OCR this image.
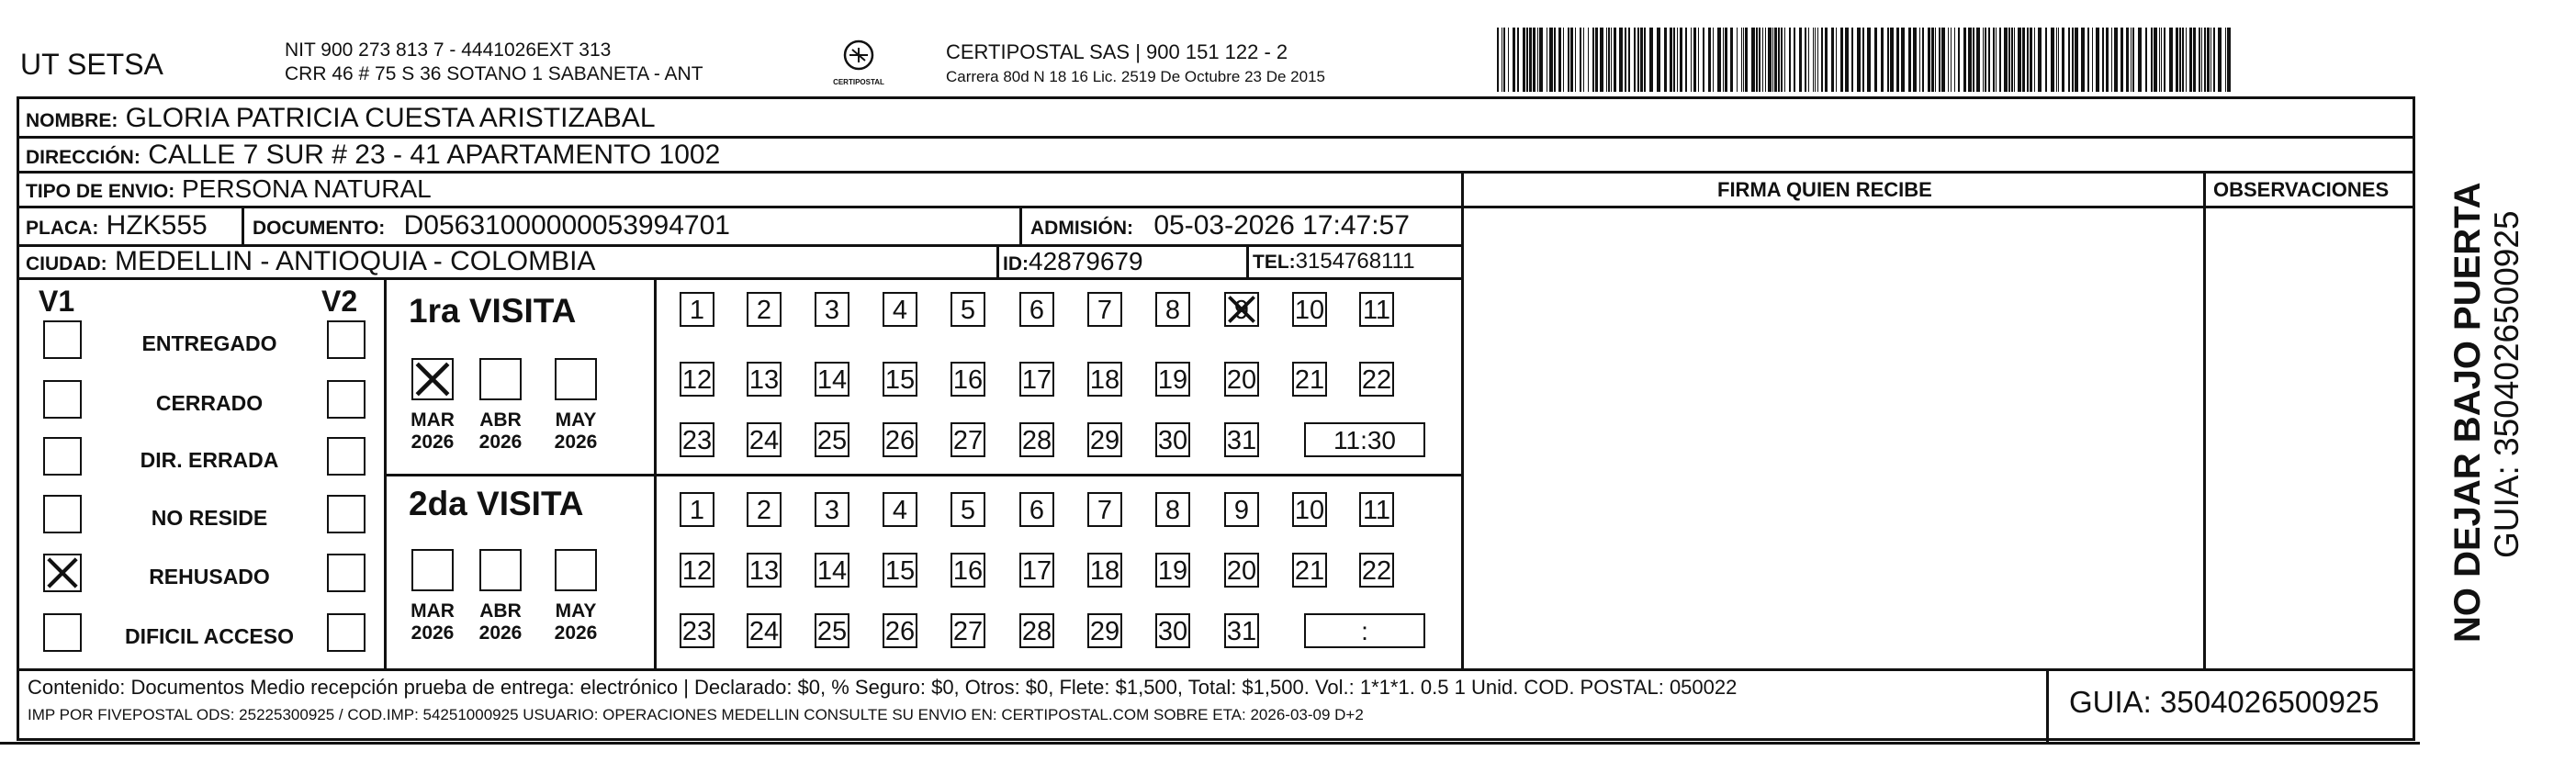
UT SETSA	NIT 900 273 813 7 - 4441026EXT 313
CRR 46 # 75 S 36 SOTANO 1 SABANETA - ANT	CERTIPOSTAL
CERTIPOSTAL SAS | 900 151 122 - 2
Carrera 80d N 18 16 Lic. 2519 De Octubre 23 De 2015
NOMBRE: GLORIA PATRICIA CUESTA ARISTIZABAL
DIRECCIÓN: CALLE 7 SUR # 23 - 41 APARTAMENTO 1002
TIPO DE ENVIO: PERSONA NATURAL
PLACA: HZK555 DOCUMENTO: D05631000000053994701	ADMISIÓN: 05-03-2026 17:47:57
CIUDAD: MEDELLIN - ANTIOQUIA - COLOMBIA	ID:42879679	TEL:3154768111
FIRMA QUIEN RECIBE	OBSERVACIONES
V1	V2
ENTREGADO
CERRADO
DIR. ERRADA
NO RESIDE
REHUSADO
DIFICIL ACCESO
1ra VISITA
2da VISITA
MAR
2026
ABR
2026
MAY
2026
MAR
2026
ABR
2026
MAY
2026
1	2	3	4	5	6	7	8	9	10 11
12 13 14 15 16 17 18 19 20 21 22
23 24 25 26 27 28 29 30 31	11:30
1	2	3	4	5	6	7	8	9	10 11
12 13 14 15 16 17 18 19 20 21 22
23 24 25 26 27 28 29 30 31	:
Contenido: Documentos Medio recepción prueba de entrega: electrónico | Declarado: $0, % Seguro: $0, Otros: $0, Flete: $1,500, Total: $1,500. Vol.: 1*1*1. 0.5 1 Unid. COD. POSTAL: 050022
IMP POR FIVEPOSTAL ODS: 25225300925 / COD.IMP: 54251000925 USUARIO: OPERACIONES MEDELLIN CONSULTE SU ENVIO EN: CERTIPOSTAL.COM SOBRE ETA: 2026-03-09 D+2	GUIA: 3504026500925
NO DEJAR BAJO PUERTA GUIA: 3504026500925
